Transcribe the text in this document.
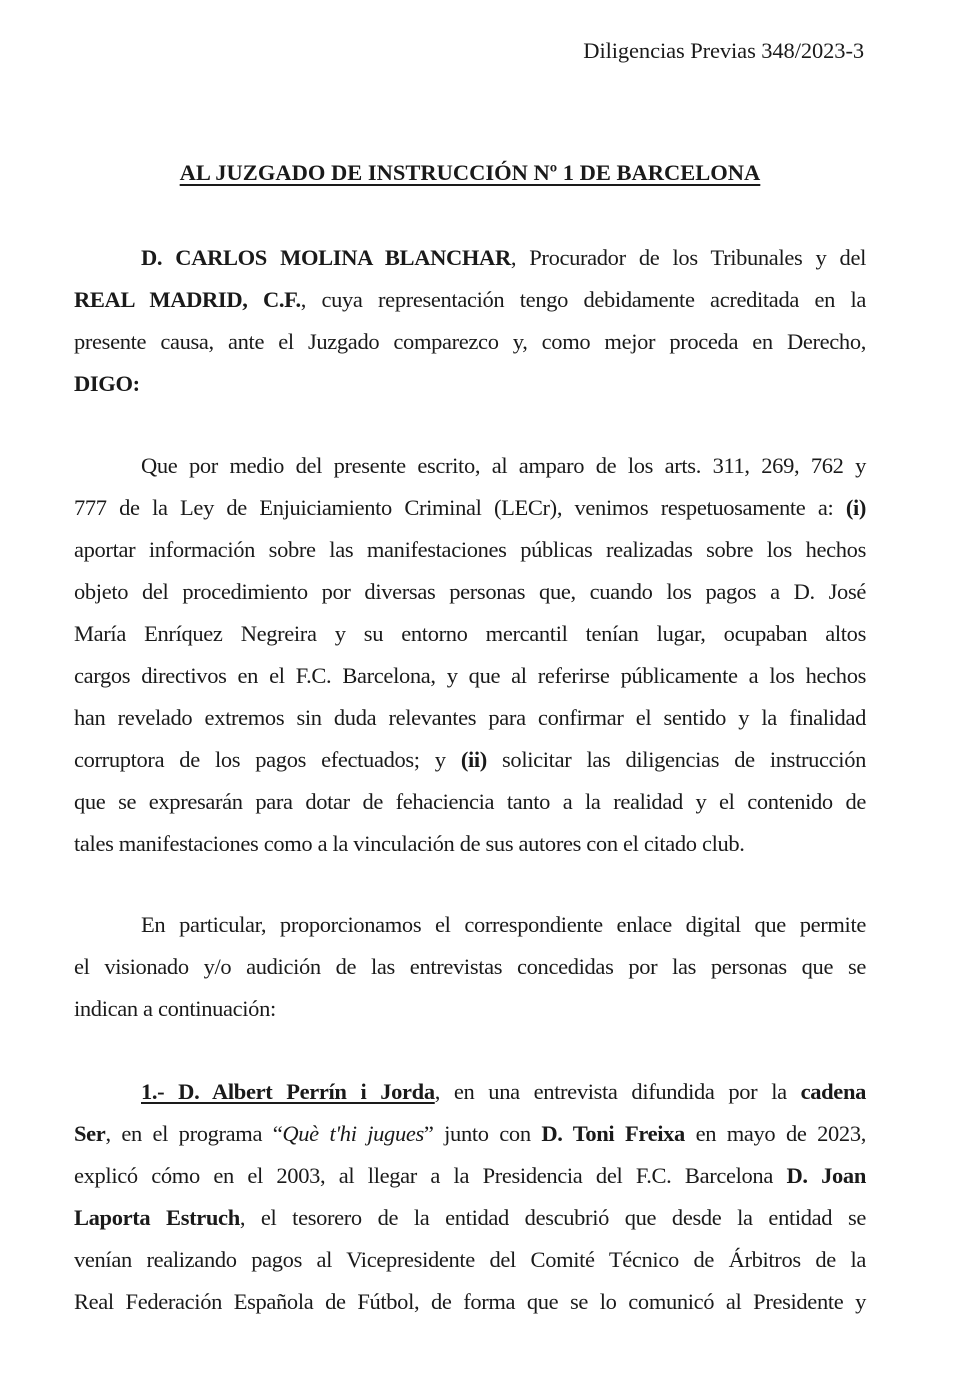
Diligencias Previas 348/2023-3
AL JUZGADO DE INSTRUCCIÓN Nº 1 DE BARCELONA
D. CARLOS MOLINA BLANCHAR, Procurador de los Tribunales y del
REAL MADRID, C.F., cuya representación tengo debidamente acreditada en la
presente causa, ante el Juzgado comparezco y, como mejor proceda en Derecho,
DIGO:
Que por medio del presente escrito, al amparo de los arts. 311, 269, 762 y
777 de la Ley de Enjuiciamiento Criminal (LECr), venimos respetuosamente a: (i)
aportar información sobre las manifestaciones públicas realizadas sobre los hechos
objeto del procedimiento por diversas personas que, cuando los pagos a D. José
María Enríquez Negreira y su entorno mercantil tenían lugar, ocupaban altos
cargos directivos en el F.C. Barcelona, y que al referirse públicamente a los hechos
han revelado extremos sin duda relevantes para confirmar el sentido y la finalidad
corruptora de los pagos efectuados; y (ii) solicitar las diligencias de instrucción
que se expresarán para dotar de fehaciencia tanto a la realidad y el contenido de
tales manifestaciones como a la vinculación de sus autores con el citado club.
En particular, proporcionamos el correspondiente enlace digital que permite
el visionado y/o audición de las entrevistas concedidas por las personas que se
indican a continuación:
1.- D. Albert Perrín i Jorda, en una entrevista difundida por la cadena
Ser, en el programa “Què t'hi jugues” junto con D. Toni Freixa en mayo de 2023,
explicó cómo en el 2003, al llegar a la Presidencia del F.C. Barcelona D. Joan
Laporta Estruch, el tesorero de la entidad descubrió que desde la entidad se
venían realizando pagos al Vicepresidente del Comité Técnico de Árbitros de la
Real Federación Española de Fútbol, de forma que se lo comunicó al Presidente y
